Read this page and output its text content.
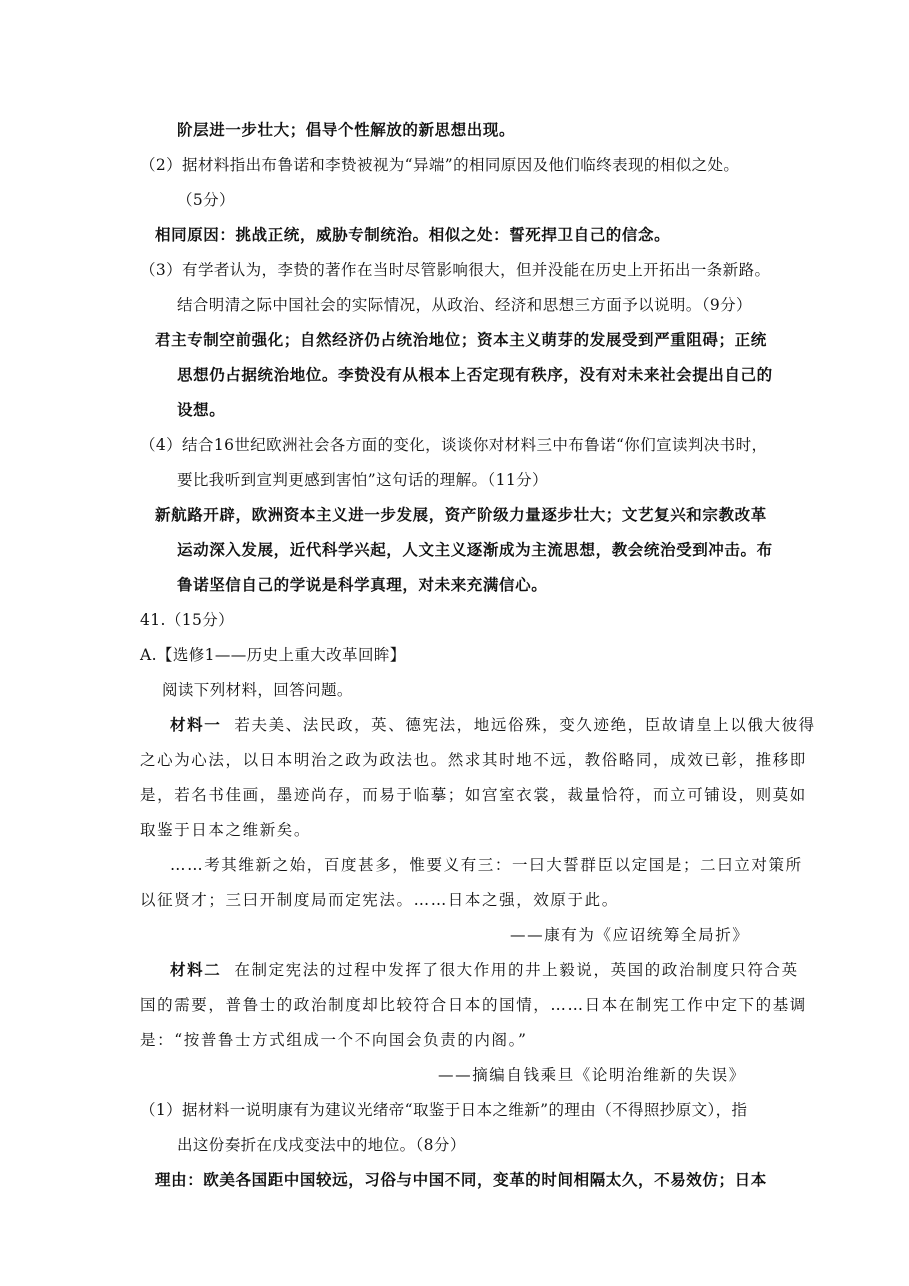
阶层进一步壮大；倡导个性解放的新思想出现。
（2）据材料指出布鲁诺和李贽被视为“异端”的相同原因及他们临终表现的相似之处。
（5分）
相同原因：挑战正统，威胁专制统治。相似之处：誓死捍卫自己的信念。
（3）有学者认为，李贽的著作在当时尽管影响很大，但并没能在历史上开拓出一条新路。
结合明清之际中国社会的实际情况，从政治、经济和思想三方面予以说明。（9分）
君主专制空前强化；自然经济仍占统治地位；资本主义萌芽的发展受到严重阻碍；正统
思想仍占据统治地位。李贽没有从根本上否定现有秩序，没有对未来社会提出自己的
设想。
（4）结合16世纪欧洲社会各方面的变化，谈谈你对材料三中布鲁诺“你们宣读判决书时，
要比我听到宣判更感到害怕”这句话的理解。（11分）
新航路开辟，欧洲资本主义进一步发展，资产阶级力量逐步壮大；文艺复兴和宗教改革
运动深入发展，近代科学兴起，人文主义逐渐成为主流思想，教会统治受到冲击。布
鲁诺坚信自己的学说是科学真理，对未来充满信心。
41.（15分）
A.【选修1——历史上重大改革回眸】
阅读下列材料，回答问题。
材料一 若夫美、法民政，英、德宪法，地远俗殊，变久迹绝，臣故请皇上以俄大彼得
之心为心法，以日本明治之政为政法也。然求其时地不远，教俗略同，成效已彰，推移即
是，若名书佳画，墨迹尚存，而易于临摹；如宫室衣裳，裁量恰符，而立可铺设，则莫如
取鉴于日本之维新矣。
……考其维新之始，百度甚多，惟要义有三：一曰大誓群臣以定国是；二曰立对策所
以征贤才；三曰开制度局而定宪法。……日本之强，效原于此。
——康有为《应诏统筹全局折》
材料二 在制定宪法的过程中发挥了很大作用的井上毅说，英国的政治制度只符合英
国的需要，普鲁士的政治制度却比较符合日本的国情，……日本在制宪工作中定下的基调
是：“按普鲁士方式组成一个不向国会负责的内阁。”
——摘编自钱乘旦《论明治维新的失误》
（1）据材料一说明康有为建议光绪帝“取鉴于日本之维新”的理由（不得照抄原文），指
出这份奏折在戊戌变法中的地位。（8分）
理由：欧美各国距中国较远，习俗与中国不同，变革的时间相隔太久，不易效仿；日本
